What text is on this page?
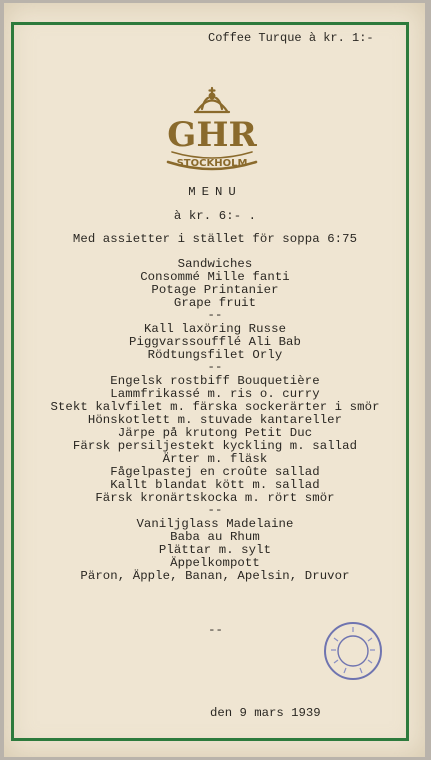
Coffee Turque à kr. 1:-
GHR
STOCKHOLM
MENU
à kr. 6:- .
Med assietter i stället för soppa 6:75
Sandwiches
Consommé Mille fanti
Potage Printanier
Grape fruit
--
Kall laxöring Russe
Piggvarssoufflé Ali Bab
Rödtungsfilet Orly
--
Engelsk rostbiff Bouquetière
Lammfrikassé m. ris o. curry
Stekt kalvfilet m. färska sockerärter i smör
Hönskotlett m. stuvade kantareller
Järpe på krutong Petit Duc
Färsk persiljestekt kyckling m. sallad
Ärter m. fläsk
Fågelpastej en croûte sallad
Kallt blandat kött m. sallad
Färsk kronärtskocka m. rört smör
--
Vaniljglass Madelaine
Baba au Rhum
Plättar m. sylt
Äppelkompott
Päron, Äpple, Banan, Apelsin, Druvor
--
den 9 mars 1939
